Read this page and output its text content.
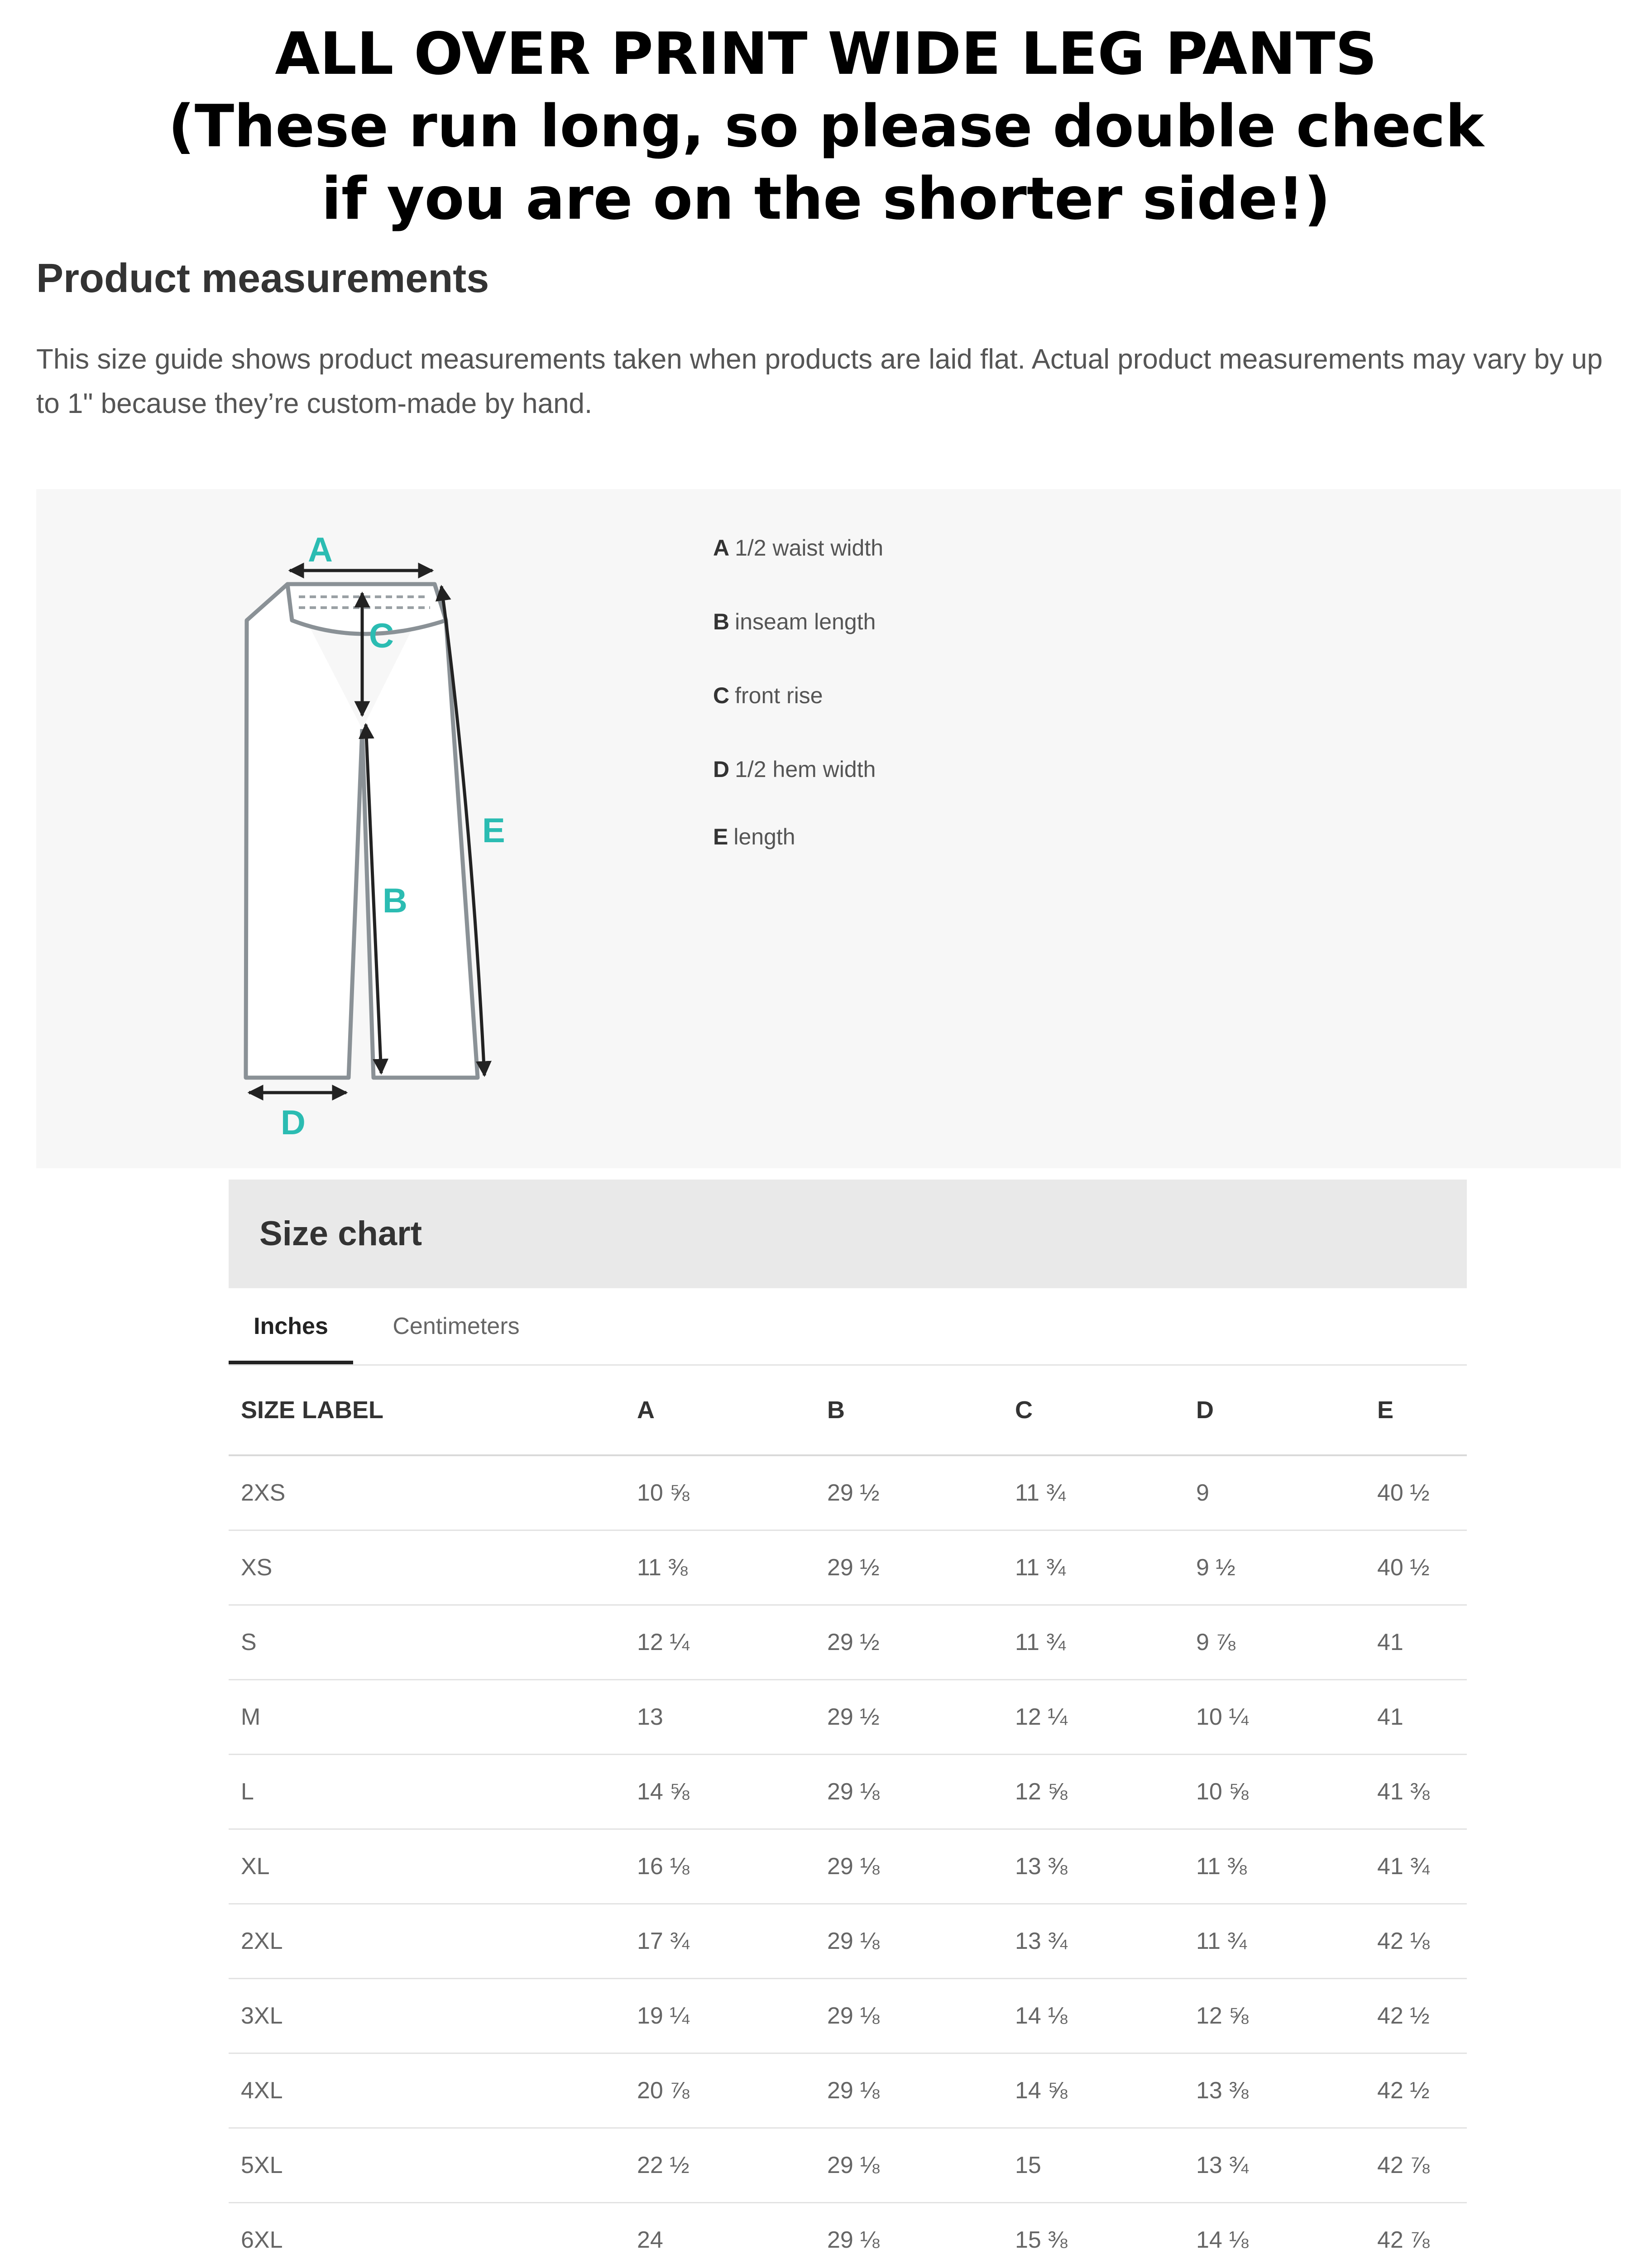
ALL OVER PRINT WIDE LEG PANTS
(These run long, so please double check
if you are on the shorter side!)
Product measurements

This size guide shows product measurements taken when products are laid flat. Actual product measurements may vary by up to 1" because they’re custom-made by hand.

A
C
E
B
D
A 1/2 waist width
B inseam length
C front rise
D 1/2 hem width
E length
Size chart
Inches	Centimeters
SIZE LABEL	A	B	C	D	E
2XS	10 ⅝	29 ½	11 ¾	9	40 ½
XS	11 ⅜	29 ½	11 ¾	9 ½	40 ½
S	12 ¼	29 ½	11 ¾	9 ⅞	41
M	13	29 ½	12 ¼	10 ¼	41
L	14 ⅝	29 ⅛	12 ⅝	10 ⅝	41 ⅜
XL	16 ⅛	29 ⅛	13 ⅜	11 ⅜	41 ¾
2XL	17 ¾	29 ⅛	13 ¾	11 ¾	42 ⅛
3XL	19 ¼	29 ⅛	14 ⅛	12 ⅝	42 ½
4XL	20 ⅞	29 ⅛	14 ⅝	13 ⅜	42 ½
5XL	22 ½	29 ⅛	15	13 ¾	42 ⅞
6XL	24	29 ⅛	15 ⅜	14 ⅛	42 ⅞
